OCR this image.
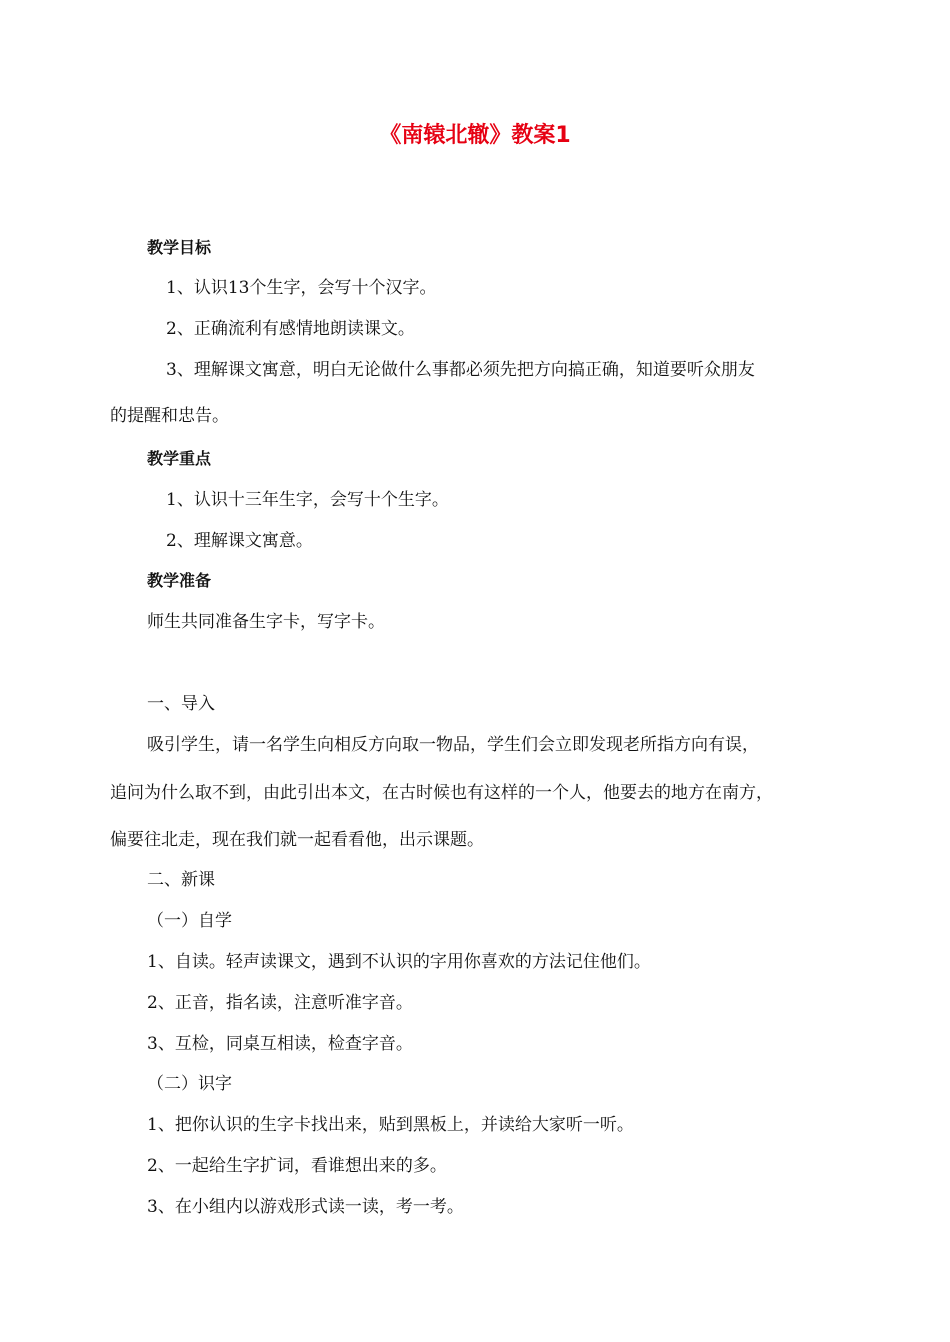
《南辕北辙》教案1
教学目标
1、认识13个生字，会写十个汉字。
2、正确流利有感情地朗读课文。
3、理解课文寓意，明白无论做什么事都必须先把方向搞正确，知道要听众朋友
的提醒和忠告。
教学重点
1、认识十三年生字，会写十个生字。
2、理解课文寓意。
教学准备
师生共同准备生字卡，写字卡。
一、导入
吸引学生，请一名学生向相反方向取一物品，学生们会立即发现老所指方向有误，
追问为什么取不到，由此引出本文，在古时候也有这样的一个人，他要去的地方在南方，
偏要往北走，现在我们就一起看看他，出示课题。
二、新课
（一）自学
1、自读。轻声读课文，遇到不认识的字用你喜欢的方法记住他们。
2、正音，指名读，注意听准字音。
3、互检，同桌互相读，检查字音。
（二）识字
1、把你认识的生字卡找出来，贴到黑板上，并读给大家听一听。
2、一起给生字扩词，看谁想出来的多。
3、在小组内以游戏形式读一读，考一考。
